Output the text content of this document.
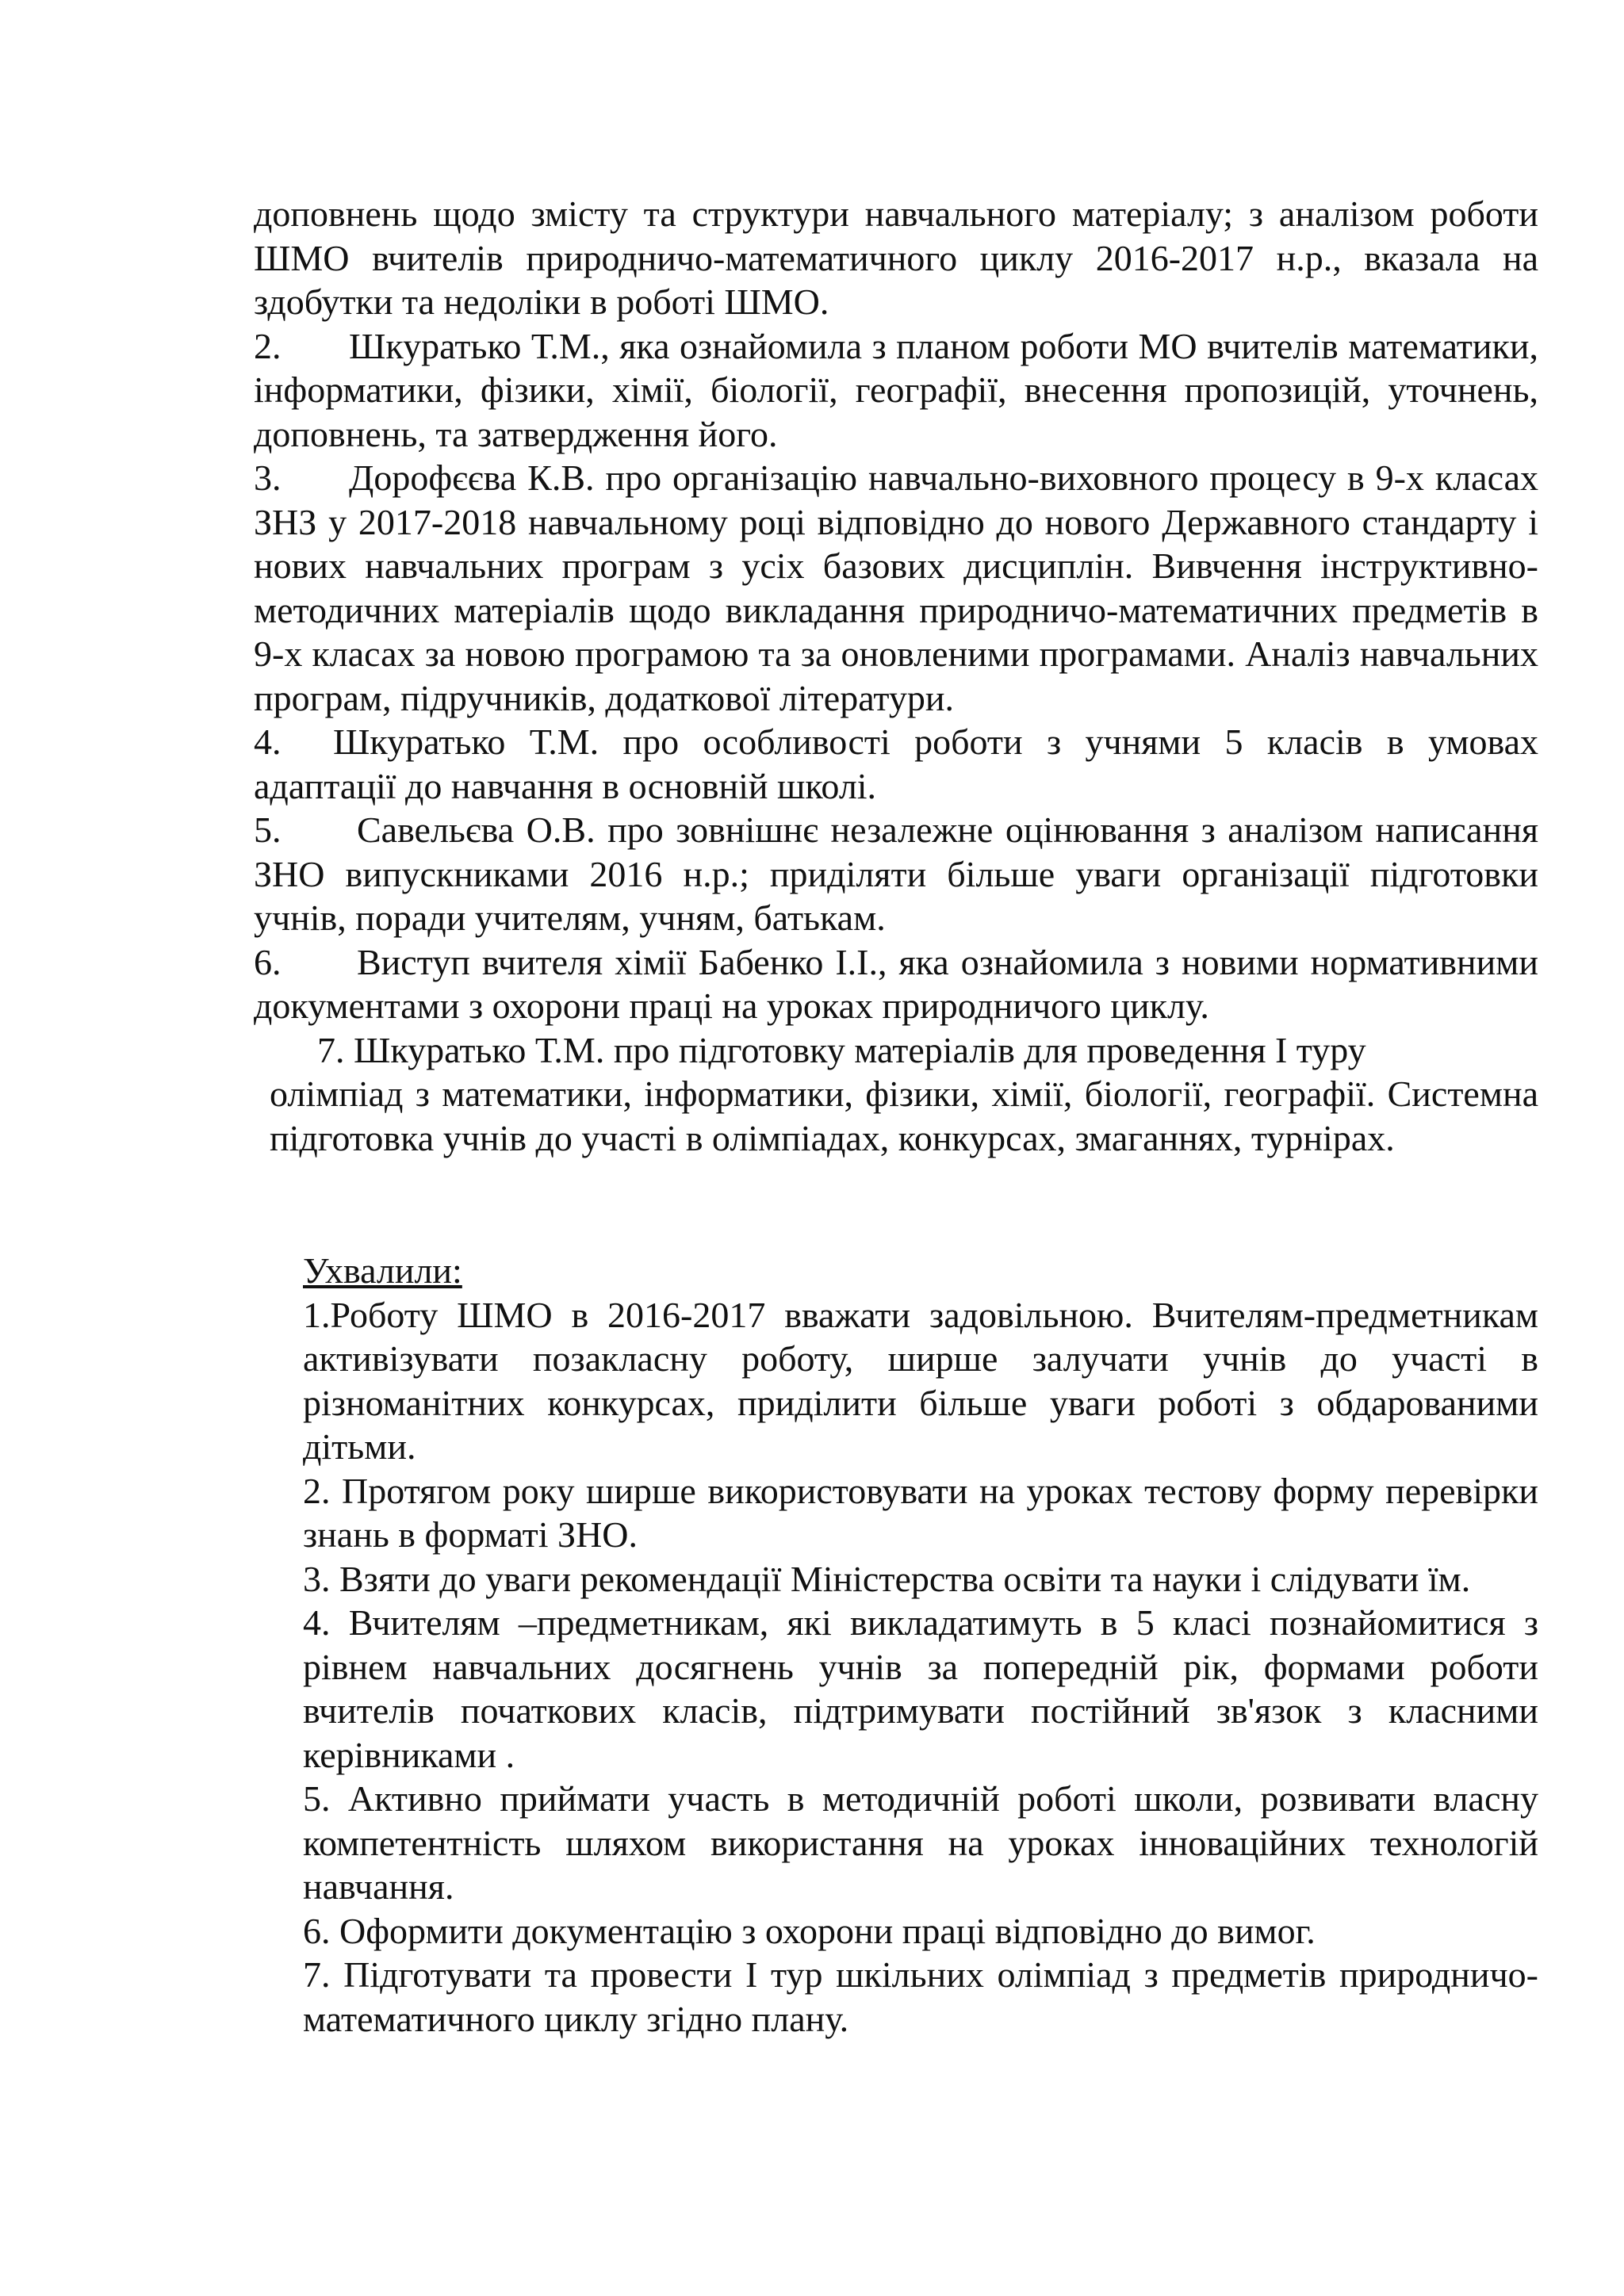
доповнень щодо змісту та структури навчального матеріалу; з аналізом роботи ШМО вчителів природничо-математичного циклу 2016-2017 н.р., вказала на здобутки та недоліки в роботі ШМО.

2. Шкуратько Т.М., яка ознайомила з планом роботи МО вчителів математики, інформатики, фізики, хімії, біології, географії, внесення пропозицій, уточнень, доповнень, та затвердження його.

3. Дорофєєва К.В. про організацію навчально-виховного процесу в 9-х класах ЗНЗ у 2017-2018 навчальному році відповідно до нового Державного стандарту і нових навчальних програм з усіх базових дисциплін. Вивчення інструктивно-методичних матеріалів щодо викладання природничо-математичних предметів в 9-х класах за новою програмою та за оновленими програмами. Аналіз навчальних програм, підручників, додаткової літератури.

4. Шкуратько Т.М. про особливості роботи з учнями 5 класів в умовах адаптації до навчання в основній школі.

5. Савельєва О.В. про зовнішнє незалежне оцінювання з аналізом написання ЗНО випускниками 2016 н.р.; приділяти більше уваги організації підготовки учнів, поради учителям, учням, батькам.

6. Виступ вчителя хімії Бабенко І.І., яка ознайомила з новими нормативними документами з охорони праці на уроках природничого циклу.

7. Шкуратько Т.М. про підготовку матеріалів для проведення І туру

олімпіад з математики, інформатики, фізики, хімії, біології, географії. Системна підготовка учнів до участі в олімпіадах, конкурсах, змаганнях, турнірах.

Ухвалили:

1.Роботу ШМО в 2016-2017 вважати задовільною. Вчителям-предметникам активізувати позакласну роботу, ширше залучати учнів до участі в різноманітних конкурсах, приділити більше уваги роботі з обдарованими дітьми.

2. Протягом року ширше використовувати на уроках тестову форму перевірки знань в форматі ЗНО.

3. Взяти до уваги рекомендації Міністерства освіти та науки і слідувати їм.

4. Вчителям –предметникам, які викладатимуть в 5 класі познайомитися з рівнем навчальних досягнень учнів за попередній рік, формами роботи вчителів початкових класів, підтримувати постійний зв'язок з класними керівниками .

5. Активно приймати участь в методичній роботі школи, розвивати власну компетентність шляхом використання на уроках інноваційних технологій навчання.

6. Оформити документацію з охорони праці відповідно до вимог.

7. Підготувати та провести І тур шкільних олімпіад з предметів природничо-математичного циклу згідно плану.
